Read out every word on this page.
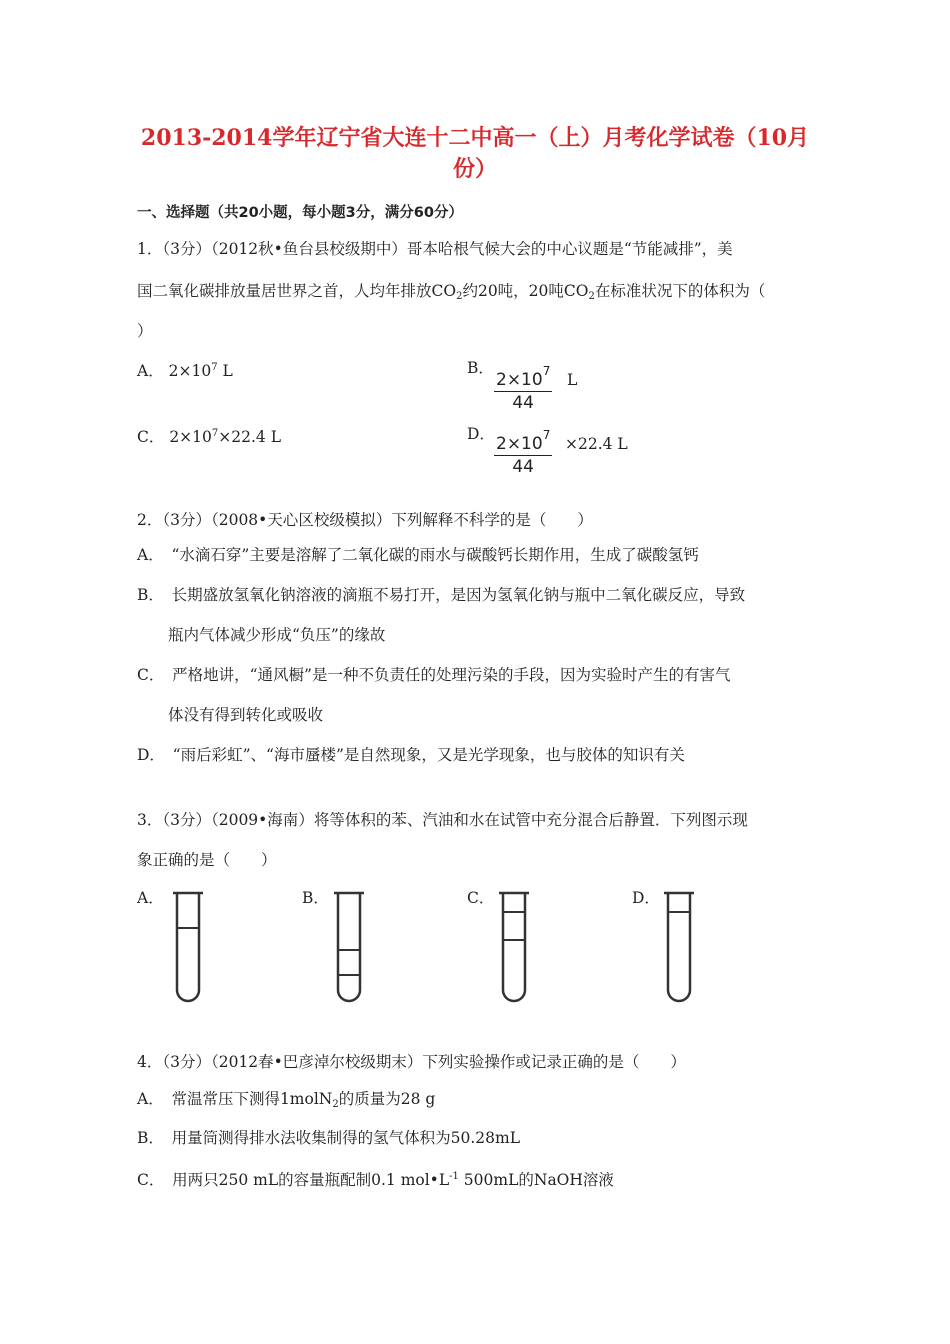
2013-2014学年辽宁省大连十二中高一（上）月考化学试卷（10月
份）
一、选择题（共20小题，每小题3分，满分60分）
1．（3分）（2012秋•鱼台县校级期中）哥本哈根气候大会的中心议题是“节能减排”，美
国二氧化碳排放量居世界之首，人均年排放$CO_2$约20吨，20吨$CO_2$在标准状况下的体积为（
）
A． $2\times 10^7$ L	B． $\frac{2\times 10^7}{44}$ L
C． $2\times 10^7\times 22.4$ L	D． $\frac{2\times 10^7}{44} \times 22.4$ L
2．（3分）（2008•天心区校级模拟）下列解释不科学的是（　　）
A．　“水滴石穿”主要是溶解了二氧化碳的雨水与碳酸钙长期作用，生成了碳酸氢钙
B．　长期盛放氢氧化钠溶液的滴瓶不易打开，是因为氢氧化钠与瓶中二氧化碳反应，导致
瓶内气体减少形成“负压”的缘故
C．　严格地讲，“通风橱”是一种不负责任的处理污染的手段，因为实验时产生的有害气
体没有得到转化或吸收
D．　“雨后彩虹”、“海市蜃楼”是自然现象，又是光学现象，也与胶体的知识有关
3．（3分）（2009•海南）将等体积的苯、汽油和水在试管中充分混合后静置．下列图示现
象正确的是（　　）
A．	B．	C．	D．
4．（3分）（2012春•巴彦淖尔校级期末）下列实验操作或记录正确的是（　　）
A．　常温常压下测得1molN$_2$的质量为28 g
B．　用量筒测得排水法收集制得的氢气体积为50.28mL
C．　用两只250 mL的容量瓶配制0.1 $mol•L^{-1}$ 500mL的NaOH溶液
